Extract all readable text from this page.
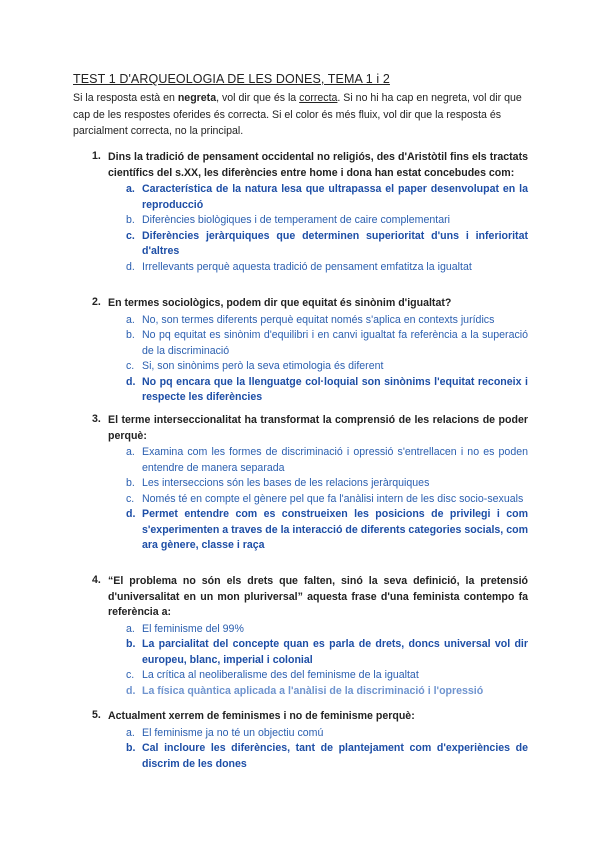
TEST 1 D'ARQUEOLOGIA DE LES DONES, TEMA 1 i 2
Si la resposta està en negreta, vol dir que és la correcta. Si no hi ha cap en negreta, vol dir que cap de les respostes oferides és correcta. Si el color és més fluix, vol dir que la resposta és parcialment correcta, no la principal.
1. Dins la tradició de pensament occidental no religiós, des d'Aristòtil fins els tractats científics del s.XX, les diferències entre home i dona han estat concebudes com:
a. Característica de la natura lesa que ultrapassa el paper desenvolupat en la reproducció
b. Diferències biològiques i de temperament de caire complementari
c. Diferències jeràrquiques que determinen superioritat d'uns i inferioritat d'altres
d. Irrellevants perquè aquesta tradició de pensament emfatitza la igualtat
2. En termes sociològics, podem dir que equitat és sinònim d'igualtat?
a. No, son termes diferents perquè equitat només s'aplica en contexts jurídics
b. No pq equitat es sinònim d'equilibri i en canvi igualtat fa referència a la superació de la discriminació
c. Si, son sinònims però la seva etimologia és diferent
d. No pq encara que la llenguatge col·loquial son sinònims l'equitat reconeix i respecte les diferències
3. El terme interseccionalitat ha transformat la comprensió de les relacions de poder perquè:
a. Examina com les formes de discriminació i opressió s'entrellacen i no es poden entendre de manera separada
b. Les interseccions són les bases de les relacions jeràrquiques
c. Només té en compte el gènere pel que fa l'anàlisi intern de les disc socio-sexuals
d. Permet entendre com es construeixen les posicions de privilegi i com s'experimenten a traves de la interacció de diferents categories socials, com ara gènere, classe i raça
4. “El problema no són els drets que falten, sinó la seva definició, la pretensió d'universalitat en un mon pluriversal” aquesta frase d'una feminista contempo fa referència a:
a. El feminisme del 99%
b. La parcialitat del concepte quan es parla de drets, doncs universal vol dir europeu, blanc, imperial i colonial
c. La crítica al neoliberalisme des del feminisme de la igualtat
d. La física quàntica aplicada a l'anàlisi de la discriminació i l'opressió
5. Actualment xerrem de feminismes i no de feminisme perquè:
a. El feminisme ja no té un objectiu comú
b. Cal incloure les diferències, tant de plantejament com d'experiències de discrim de les dones
